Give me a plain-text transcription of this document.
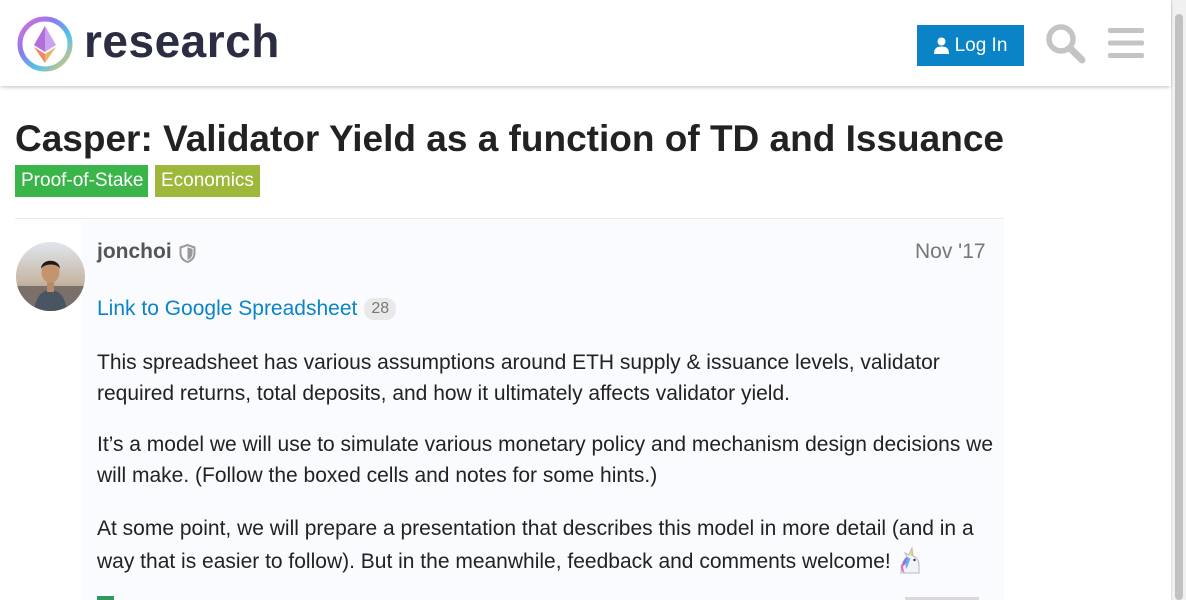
research	Log In
Casper: Validator Yield as a function of TD and Issuance
Proof-of-Stake Economics
jonchoi	Nov '17
Link to Google Spreadsheet 28

This spreadsheet has various assumptions around ETH supply & issuance levels, validator required returns, total deposits, and how it ultimately affects validator yield.

It’s a model we will use to simulate various monetary policy and mechanism design decisions we will make. (Follow the boxed cells and notes for some hints.)

At some point, we will prepare a presentation that describes this model in more detail (and in a way that is easier to follow). But in the meanwhile, feedback and comments welcome!
